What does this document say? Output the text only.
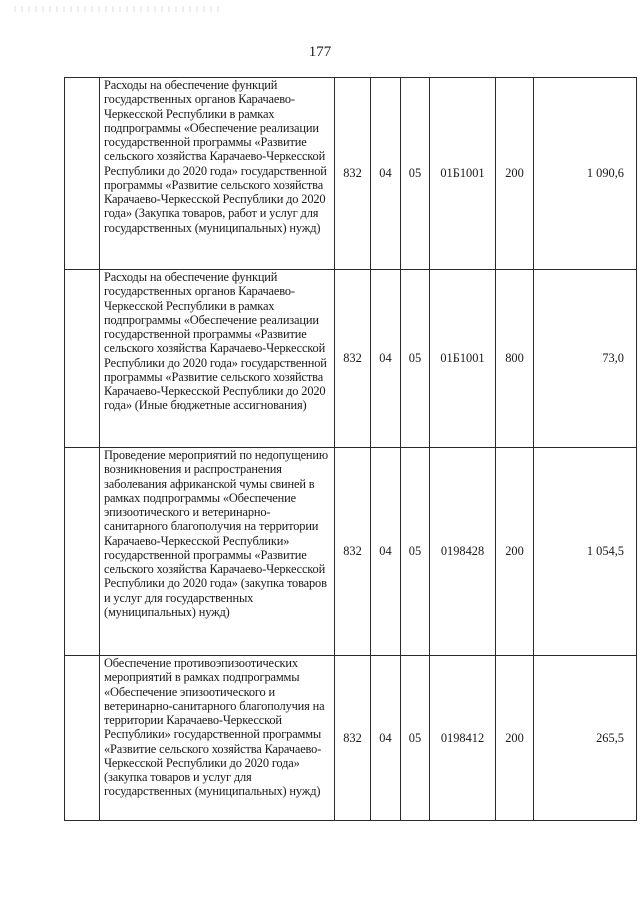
177
	Расходы на обеспечение функций государственных органов Карачаево-Черкесской Республики в рамках подпрограммы «Обеспечение реализации государственной программы «Развитие сельского хозяйства Карачаево-Черкесской Республики до 2020 года» государственной программы «Развитие сельского хозяйства Карачаево-Черкесской Республики до 2020 года» (Закупка товаров, работ и услуг для государственных (муниципальных) нужд)	832	04	05	01Б1001	200	1 090,6
	Расходы на обеспечение функций государственных органов Карачаево-Черкесской Республики в рамках подпрограммы «Обеспечение реализации государственной программы «Развитие сельского хозяйства Карачаево-Черкесской Республики до 2020 года» государственной программы «Развитие сельского хозяйства Карачаево-Черкесской Республики до 2020 года» (Иные бюджетные ассигнования)	832	04	05	01Б1001	800	73,0
	Проведение мероприятий по недопущению возникновения и распространения заболевания африканской чумы свиней в рамках подпрограммы «Обеспечение эпизоотического и ветеринарно-санитарного благополучия на территории Карачаево-Черкесской Республики» государственной программы «Развитие сельского хозяйства Карачаево-Черкесской Республики до 2020 года» (закупка товаров и услуг для государственных (муниципальных) нужд)	832	04	05	0198428	200	1 054,5
	Обеспечение противоэпизоотических мероприятий в рамках подпрограммы «Обеспечение эпизоотического и ветеринарно-санитарного благополучия на территории Карачаево-Черкесской Республики» государственной программы «Развитие сельского хозяйства Карачаево-Черкесской Республики до 2020 года» (закупка товаров и услуг для государственных (муниципальных) нужд)	832	04	05	0198412	200	265,5
